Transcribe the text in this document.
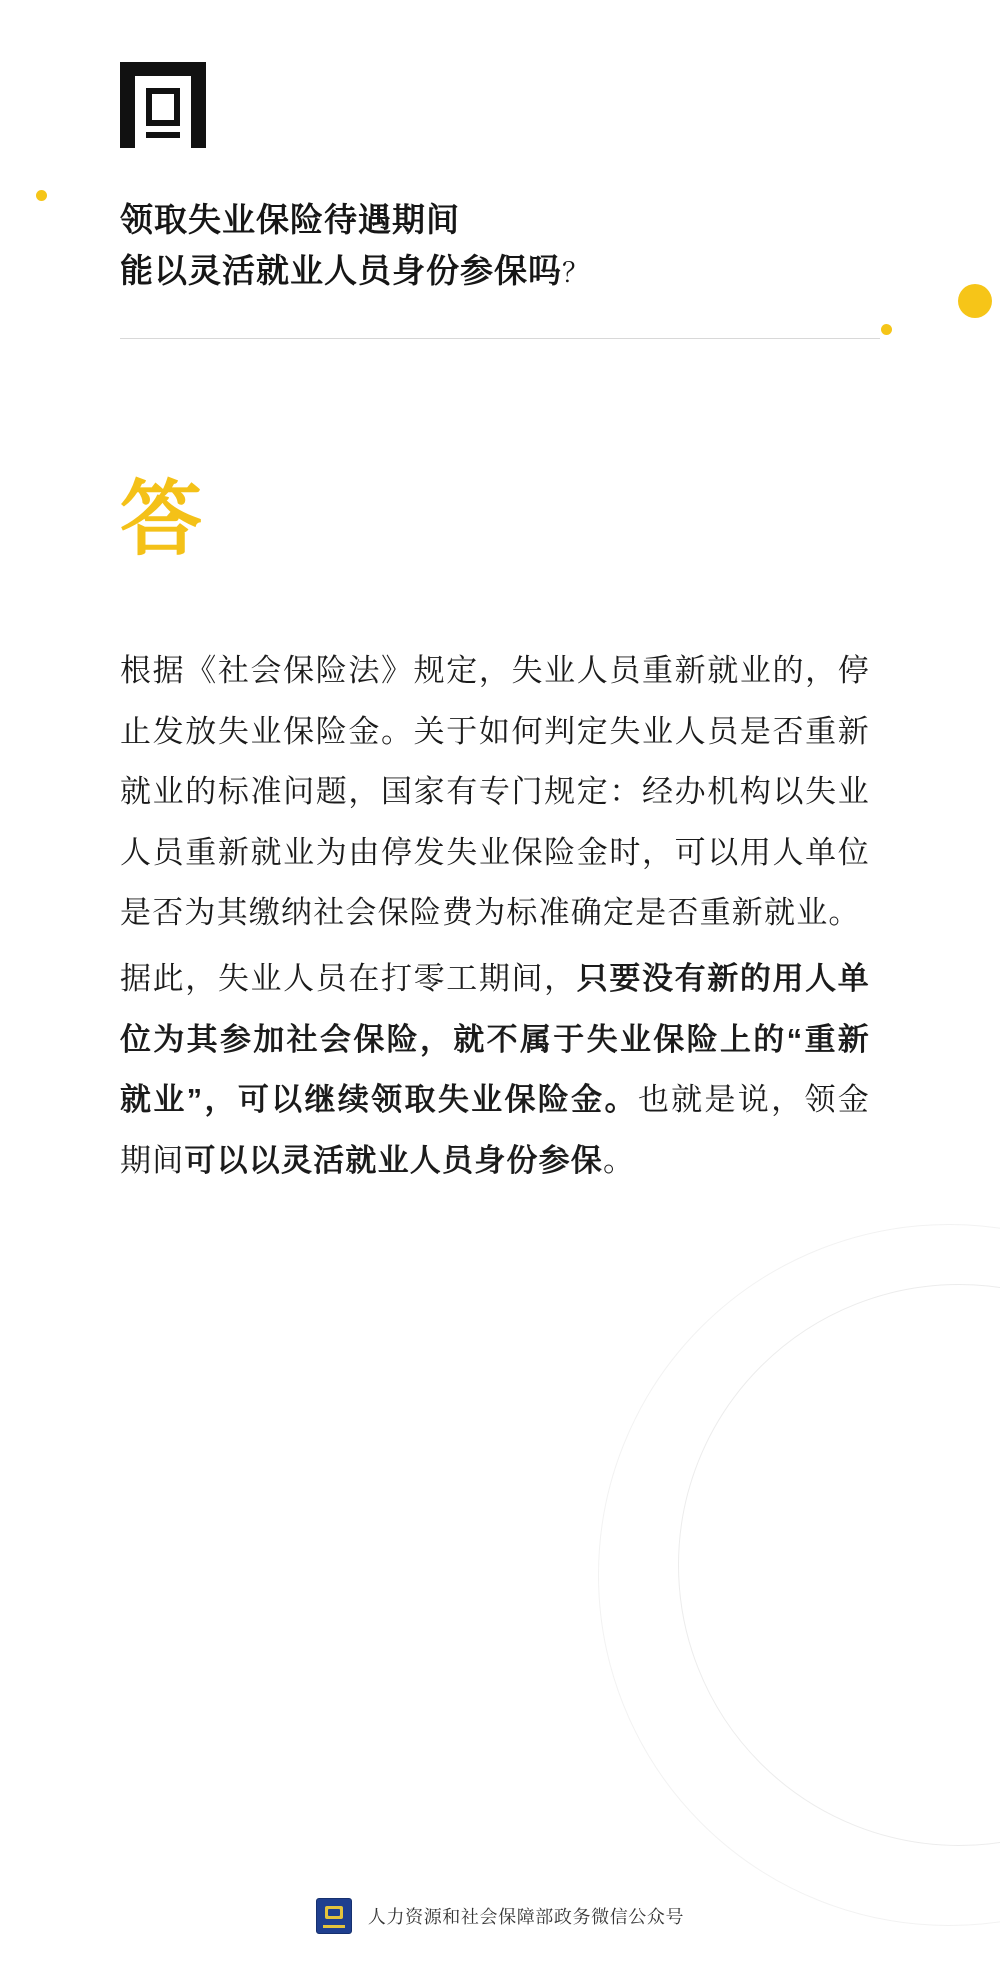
领取失业保险待遇期间
能以灵活就业人员身份参保吗？
答

根据《社会保险法》规定，失业人员重新就业的，停止发放失业保险金。关于如何判定失业人员是否重新就业的标准问题，国家有专门规定：经办机构以失业人员重新就业为由停发失业保险金时，可以用人单位是否为其缴纳社会保险费为标准确定是否重新就业。

据此，失业人员在打零工期间，只要没有新的用人单位为其参加社会保险，就不属于失业保险上的“重新就业”，可以继续领取失业保险金。也就是说，领金期间可以以灵活就业人员身份参保。

人力资源和社会保障部政务微信公众号
